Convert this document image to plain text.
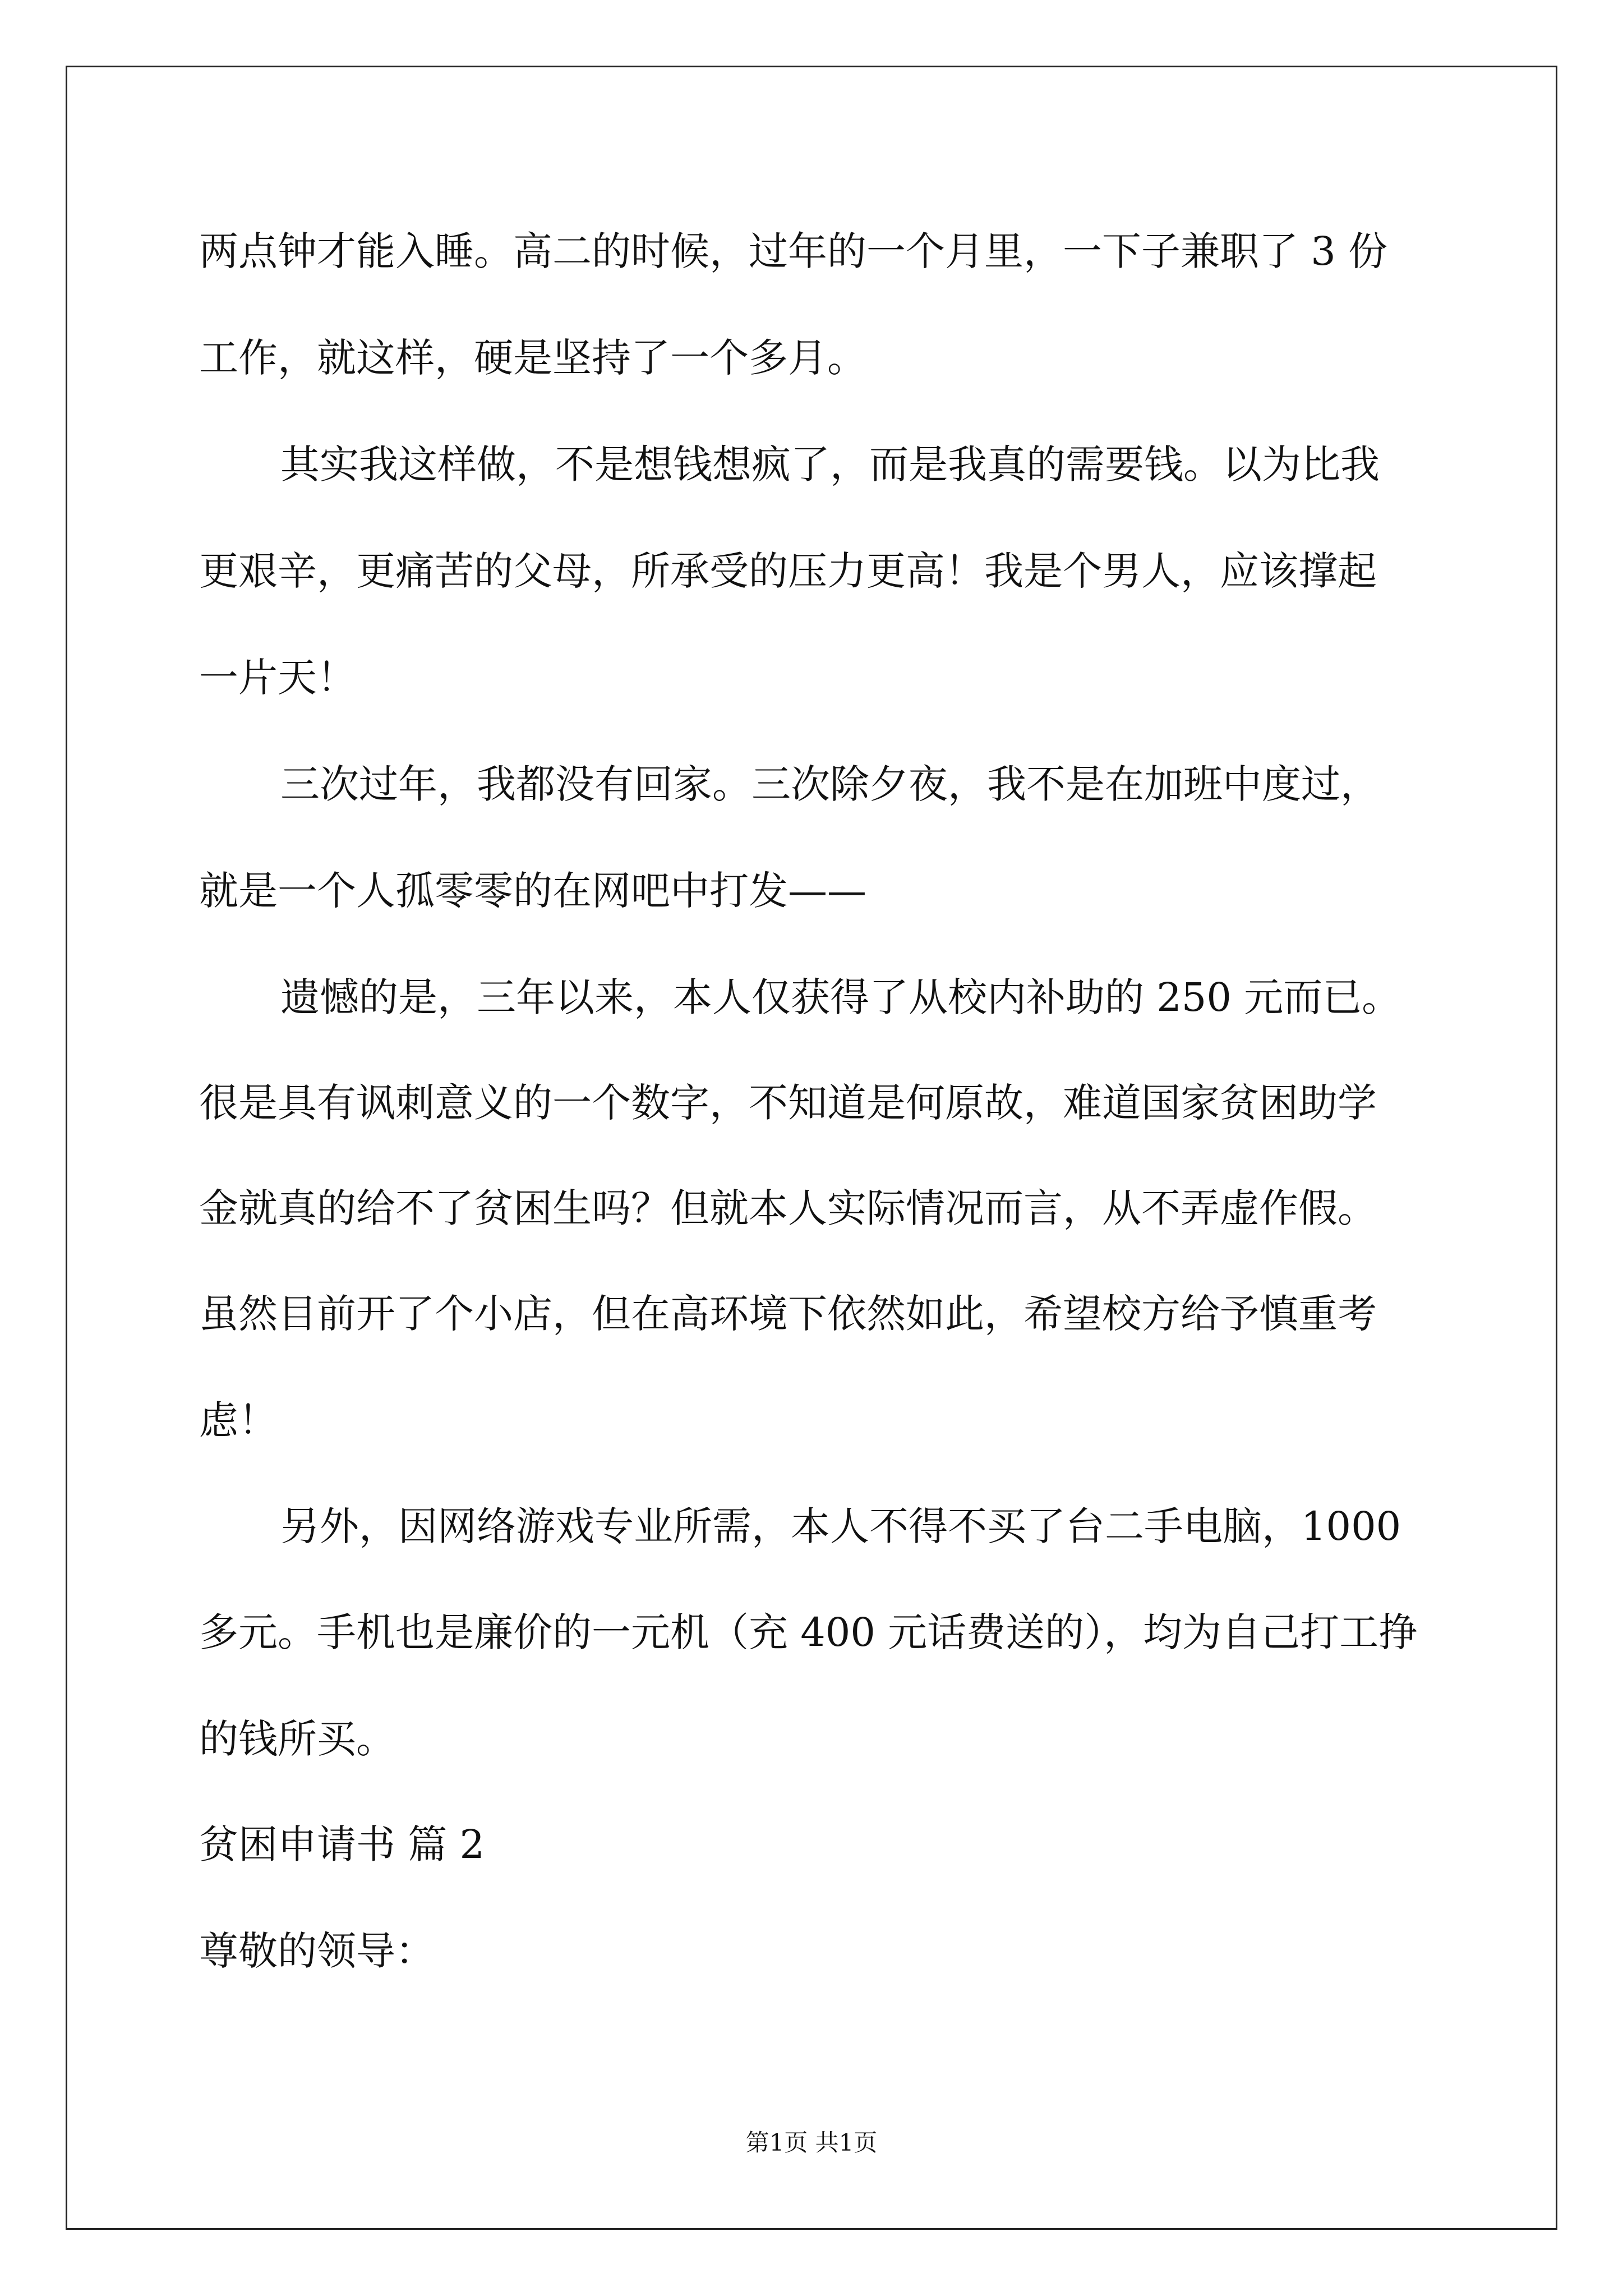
两点钟才能入睡。高二的时候，过年的一个月里，一下子兼职了 3 份
工作，就这样，硬是坚持了一个多月。
其实我这样做，不是想钱想疯了，而是我真的需要钱。以为比我
更艰辛，更痛苦的父母，所承受的压力更高！我是个男人，应该撑起
一片天！
三次过年，我都没有回家。三次除夕夜，我不是在加班中度过，
就是一个人孤零零的在网吧中打发——
遗憾的是，三年以来，本人仅获得了从校内补助的 250 元而已。
很是具有讽刺意义的一个数字，不知道是何原故，难道国家贫困助学
金就真的给不了贫困生吗？但就本人实际情况而言，从不弄虚作假。
虽然目前开了个小店，但在高环境下依然如此，希望校方给予慎重考
虑！
另外，因网络游戏专业所需，本人不得不买了台二手电脑，1000
多元。手机也是廉价的一元机（充 400 元话费送的），均为自己打工挣
的钱所买。
贫困申请书 篇 2
尊敬的领导：
第1页 共1页
